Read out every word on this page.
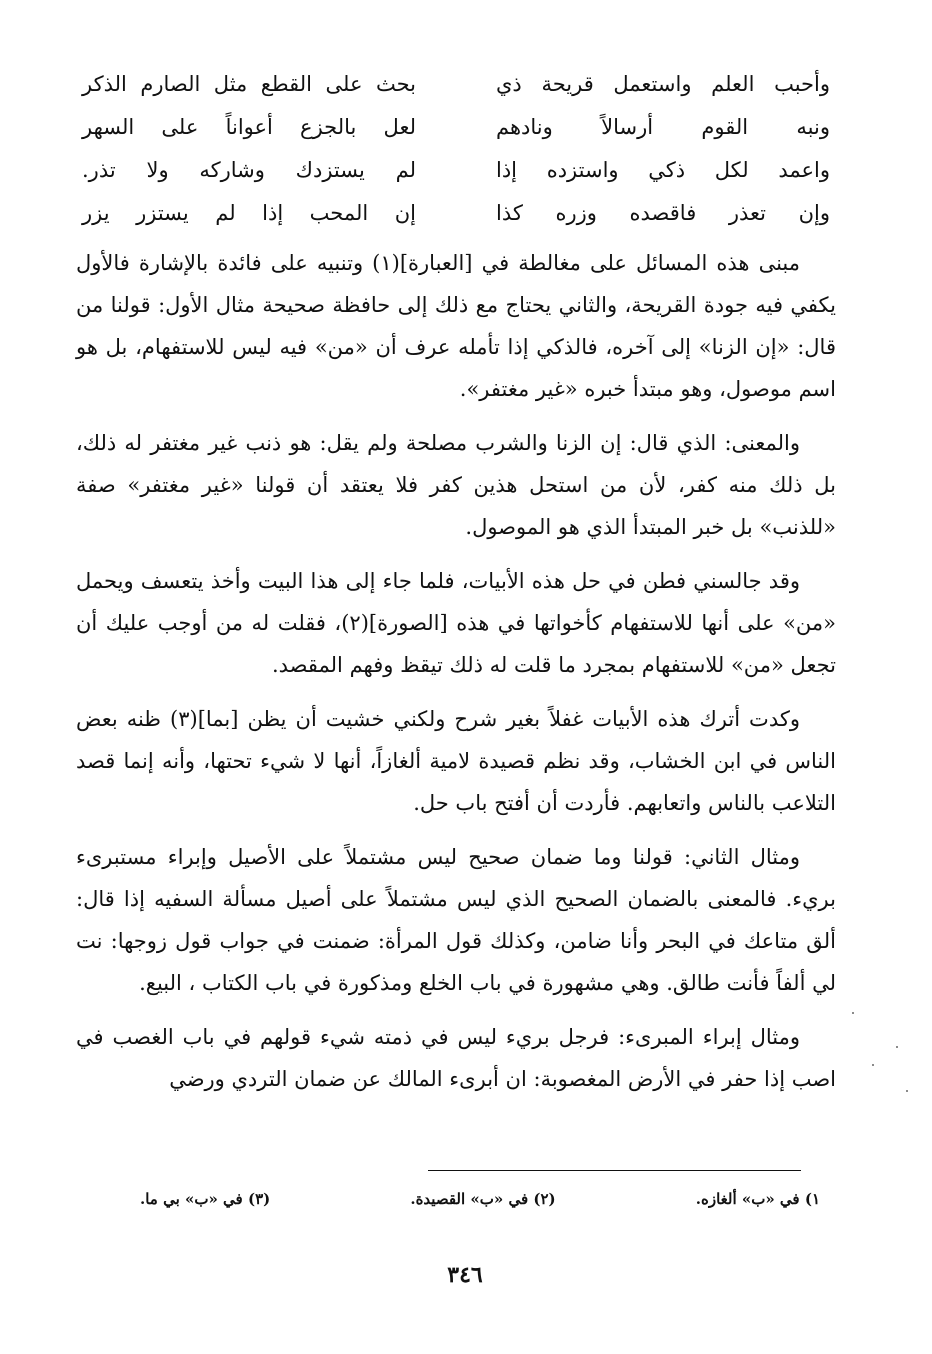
وأحبب العلم واستعمل قريحة ذي
بحث على القطع مثل الصارم الذكر
ونبه القوم أرسالاً ونادهم
لعل بالجزع أعواناً على السهر
واعمد لكل ذكي واستزده إذا
لم يستزدك وشاركه ولا تذر.
وإن تعذر فاقصده وزره كذا
إن المحب إذا لم يستزر يزر

مبنى هذه المسائل على مغالطة في [العبارة](١) وتنبيه على فائدة بالإشارة فالأول يكفي فيه جودة القريحة، والثاني يحتاج مع ذلك إلى حافظة صحيحة مثال الأول: قولنا من قال: «إن الزنا» إلى آخره، فالذكي إذا تأمله عرف أن «من» فيه ليس للاستفهام، بل هو اسم موصول، وهو مبتدأ خبره «غير مغتفر».

والمعنى: الذي قال: إن الزنا والشرب مصلحة ولم يقل: هو ذنب غير مغتفر له ذلك، بل ذلك منه كفر، لأن من استحل هذين كفر فلا يعتقد أن قولنا «غير مغتفر» صفة «للذنب» بل خبر المبتدأ الذي هو الموصول.

وقد جالسني فطن في حل هذه الأبيات، فلما جاء إلى هذا البيت وأخذ يتعسف ويحمل «من» على أنها للاستفهام كأخواتها في هذه [الصورة](٢)، فقلت له من أوجب عليك أن تجعل «من» للاستفهام بمجرد ما قلت له ذلك تيقظ وفهم المقصد.

وكدت أترك هذه الأبيات غفلاً بغير شرح ولكني خشيت أن يظن [بما](٣) ظنه بعض الناس في ابن الخشاب، وقد نظم قصيدة لامية ألغازاً، أنها لا شيء تحتها، وأنه إنما قصد التلاعب بالناس واتعابهم. فأردت أن أفتح باب حل.

ومثال الثاني: قولنا وما ضمان صحيح ليس مشتملاً على الأصيل وإبراء مستبرىء بريء. فالمعنى بالضمان الصحيح الذي ليس مشتملاً على أصيل مسألة السفيه إذا قال: ألق متاعك في البحر وأنا ضامن، وكذلك قول المرأة: ضمنت في جواب قول زوجها: نت لي ألفاً فأنت طالق. وهي مشهورة في باب الخلع ومذكورة في باب الكتاب ، البيع.

ومثال إبراء المبرىء: فرجل بريء ليس في ذمته شيء قولهم في باب الغصب في اصب إذا حفر في الأرض المغصوبة: ان أبرىء المالك عن ضمان التردي ورضي

١) في «ب» ألغازه.
(٢) في «ب» القصيدة.
(٣) في «ب» بي ما.
٣٤٦
